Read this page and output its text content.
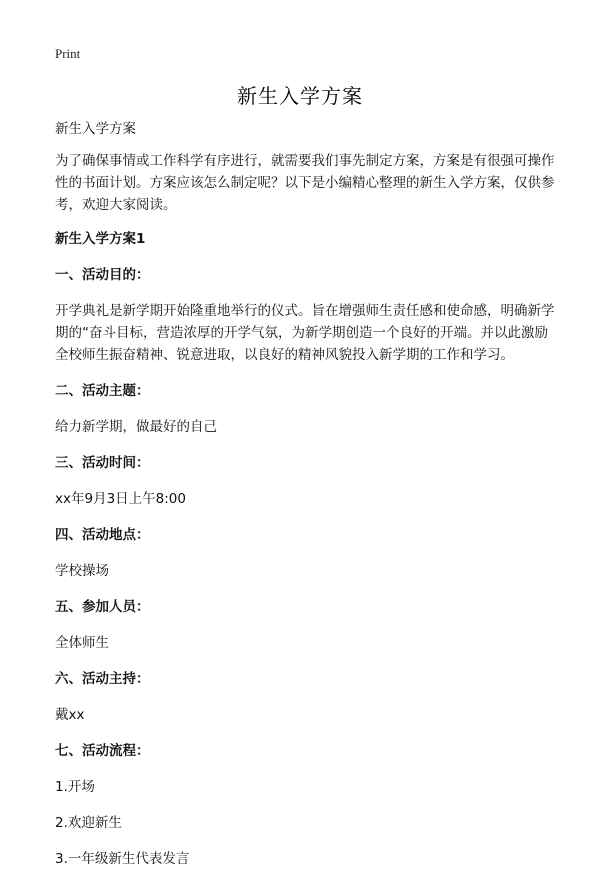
Print
新生入学方案

新生入学方案

为了确保事情或工作科学有序进行，就需要我们事先制定方案，方案是有很强可操作性的书面计划。方案应该怎么制定呢？以下是小编精心整理的新生入学方案，仅供参考，欢迎大家阅读。

新生入学方案1

一、活动目的：

开学典礼是新学期开始隆重地举行的仪式。旨在增强师生责任感和使命感，明确新学期的“奋斗目标，营造浓厚的开学气氛，为新学期创造一个良好的开端。并以此激励全校师生振奋精神、锐意进取，以良好的精神风貌投入新学期的工作和学习。

二、活动主题：

给力新学期，做最好的自己

三、活动时间：

xx年9月3日上午8:00

四、活动地点：

学校操场

五、参加人员：

全体师生

六、活动主持：

戴xx

七、活动流程：

1.开场

2.欢迎新生

3.一年级新生代表发言
